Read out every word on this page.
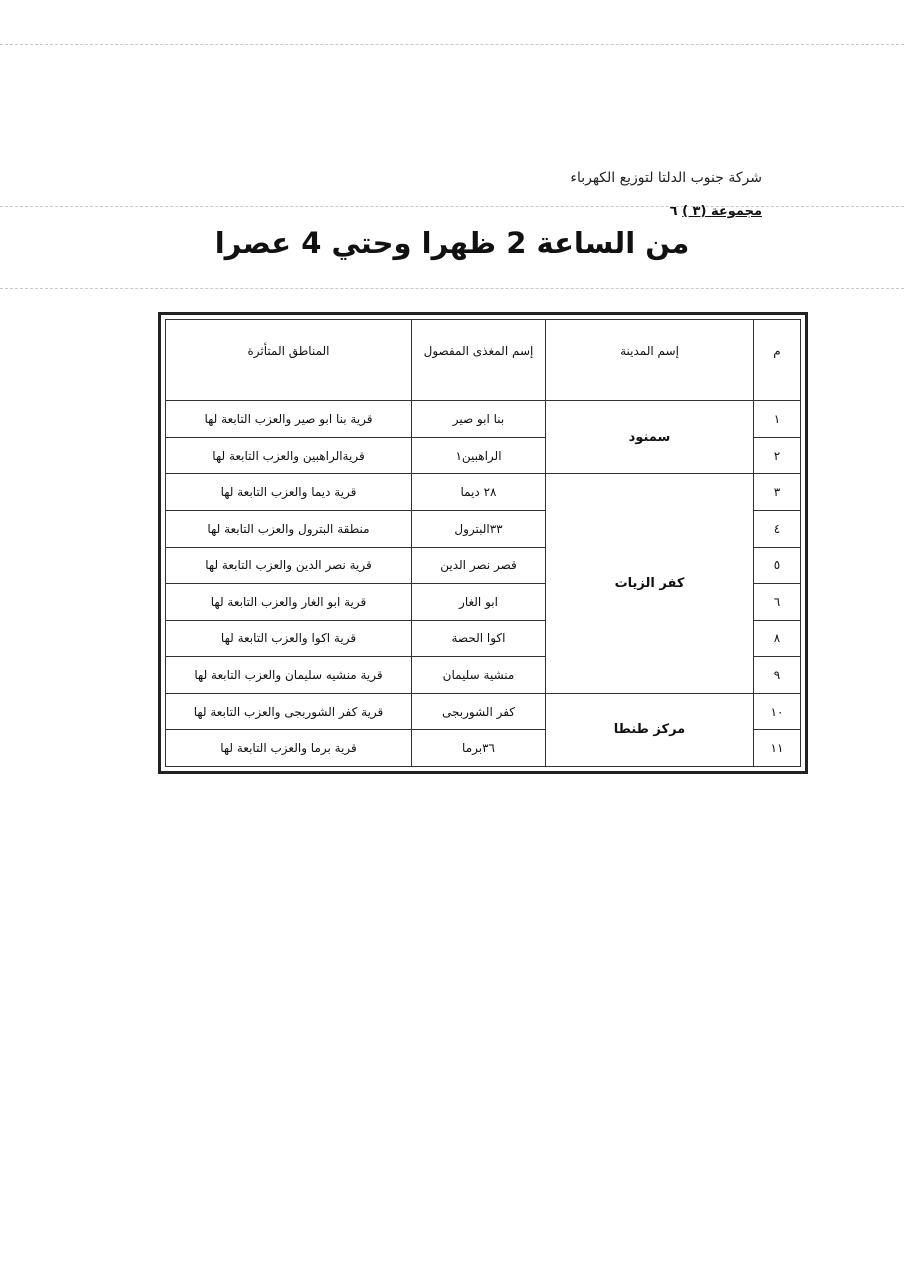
شركة جنوب الدلتا لتوزيع الكهرباء
مجموعة (٣ ) ٦
من الساعة 2 ظهرا وحتي 4 عصرا
م	إسم المدينة	إسم المغذى المفصول	المناطق المتأثرة
١	سمنود	بنا ابو صير	قرية بنا ابو صير والعزب التابعة لها
٢		الراهبين١	قريةالراهبين والعزب التابعة لها
٣	كفر الزيات	٢٨ ديما	قرية ديما والعزب التابعة لها
٤		٣٣البترول	منطقة البترول والعزب التابعة لها
٥		قصر نصر الدين	قرية نصر الدين والعزب التابعة لها
٦		ابو الغار	قرية ابو الغار والعزب التابعة لها
٨		اكوا الحصة	قرية اكوا والعزب التابعة لها
٩		منشية سليمان	قرية منشيه سليمان والعزب التابعة لها
١٠	مركز طنطا	كفر الشوربجى	قرية كفر الشوربجى والعزب التابعة لها
١١		٣٦برما	قرية برما والعزب التابعة لها
